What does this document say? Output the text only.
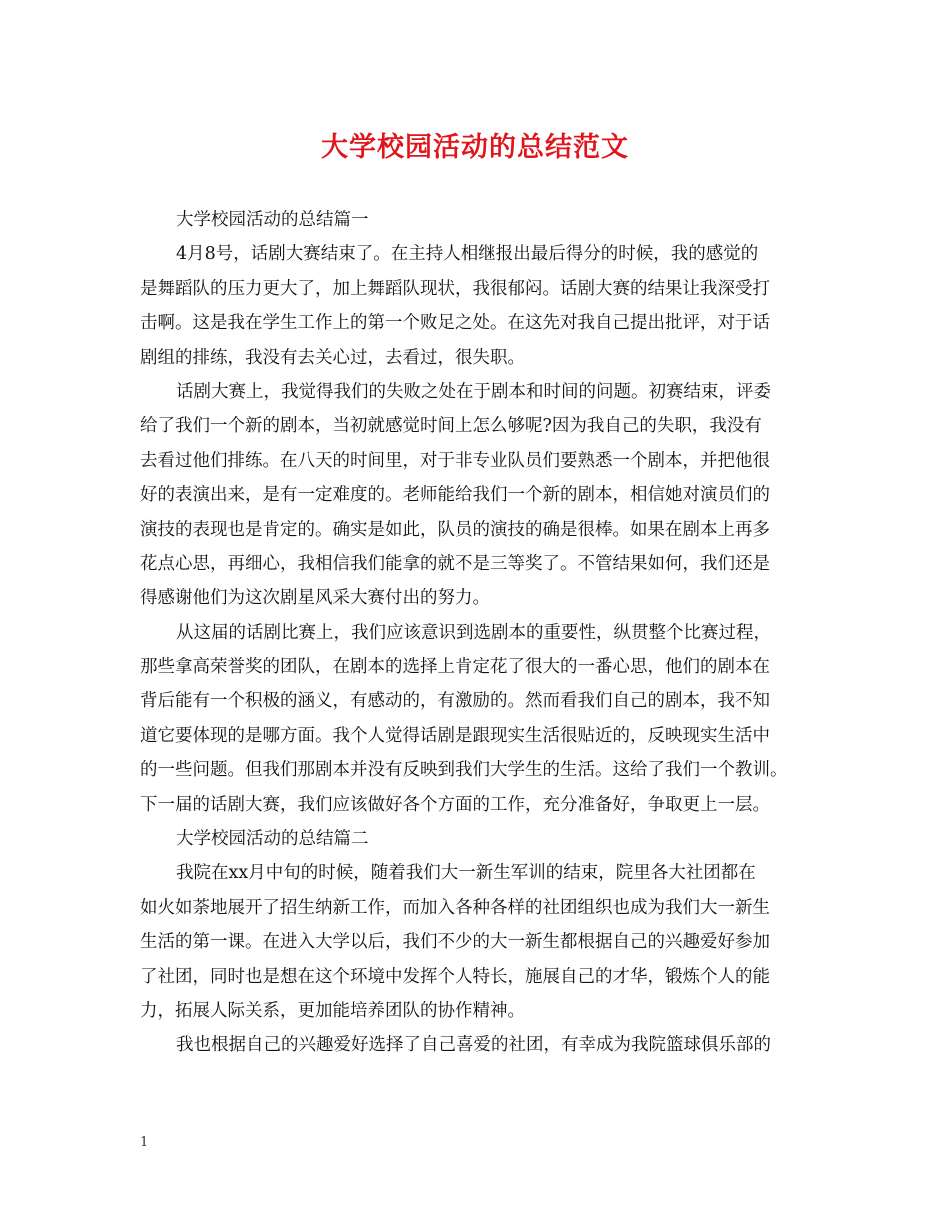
大学校园活动的总结范文
大学校园活动的总结篇一
4月8号，话剧大赛结束了。在主持人相继报出最后得分的时候，我的感觉的
是舞蹈队的压力更大了，加上舞蹈队现状，我很郁闷。话剧大赛的结果让我深受打
击啊。这是我在学生工作上的第一个败足之处。在这先对我自己提出批评，对于话
剧组的排练，我没有去关心过，去看过，很失职。
话剧大赛上，我觉得我们的失败之处在于剧本和时间的问题。初赛结束，评委
给了我们一个新的剧本，当初就感觉时间上怎么够呢?因为我自己的失职，我没有
去看过他们排练。在八天的时间里，对于非专业队员们要熟悉一个剧本，并把他很
好的表演出来，是有一定难度的。老师能给我们一个新的剧本，相信她对演员们的
演技的表现也是肯定的。确实是如此，队员的演技的确是很棒。如果在剧本上再多
花点心思，再细心，我相信我们能拿的就不是三等奖了。不管结果如何，我们还是
得感谢他们为这次剧星风采大赛付出的努力。
从这届的话剧比赛上，我们应该意识到选剧本的重要性，纵贯整个比赛过程，
那些拿高荣誉奖的团队，在剧本的选择上肯定花了很大的一番心思，他们的剧本在
背后能有一个积极的涵义，有感动的，有激励的。然而看我们自己的剧本，我不知
道它要体现的是哪方面。我个人觉得话剧是跟现实生活很贴近的，反映现实生活中
的一些问题。但我们那剧本并没有反映到我们大学生的生活。这给了我们一个教训。
下一届的话剧大赛，我们应该做好各个方面的工作，充分准备好，争取更上一层。
大学校园活动的总结篇二
我院在xx月中旬的时候，随着我们大一新生军训的结束，院里各大社团都在
如火如荼地展开了招生纳新工作，而加入各种各样的社团组织也成为我们大一新生
生活的第一课。在进入大学以后，我们不少的大一新生都根据自己的兴趣爱好参加
了社团，同时也是想在这个环境中发挥个人特长，施展自己的才华，锻炼个人的能
力，拓展人际关系，更加能培养团队的协作精神。
我也根据自己的兴趣爱好选择了自己喜爱的社团，有幸成为我院篮球俱乐部的
1
